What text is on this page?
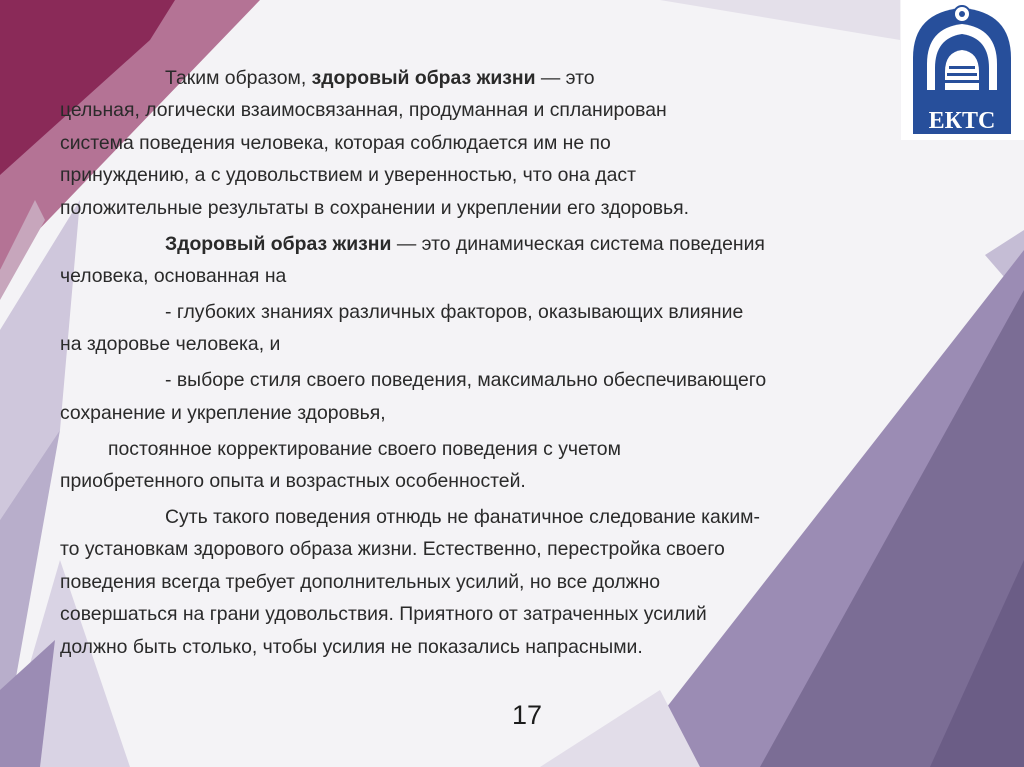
ЕКТС
Таким образом, здоровый образ жизни — это
цельная, логически взаимосвязанная, продуманная и спланирован
система поведения человека, которая соблюдается им не по
принуждению, а с удовольствием и уверенностью, что она даст
положительные результаты в сохранении и укреплении его здоровья.
Здоровый образ жизни — это динамическая система поведения
человека, основанная на
- глубоких знаниях различных факторов, оказывающих влияние
на здоровье человека, и
- выборе стиля своего поведения, максимально обеспечивающего
сохранение и укрепление здоровья,
постоянное корректирование своего поведения с учетом
приобретенного опыта и возрастных особенностей.
Суть такого поведения отнюдь не фанатичное следование каким-
то установкам здорового образа жизни. Естественно, перестройка своего
поведения всегда требует дополнительных усилий, но все должно
совершаться на грани удовольствия. Приятного от затраченных усилий
должно быть столько, чтобы усилия не показались напрасными.
17
